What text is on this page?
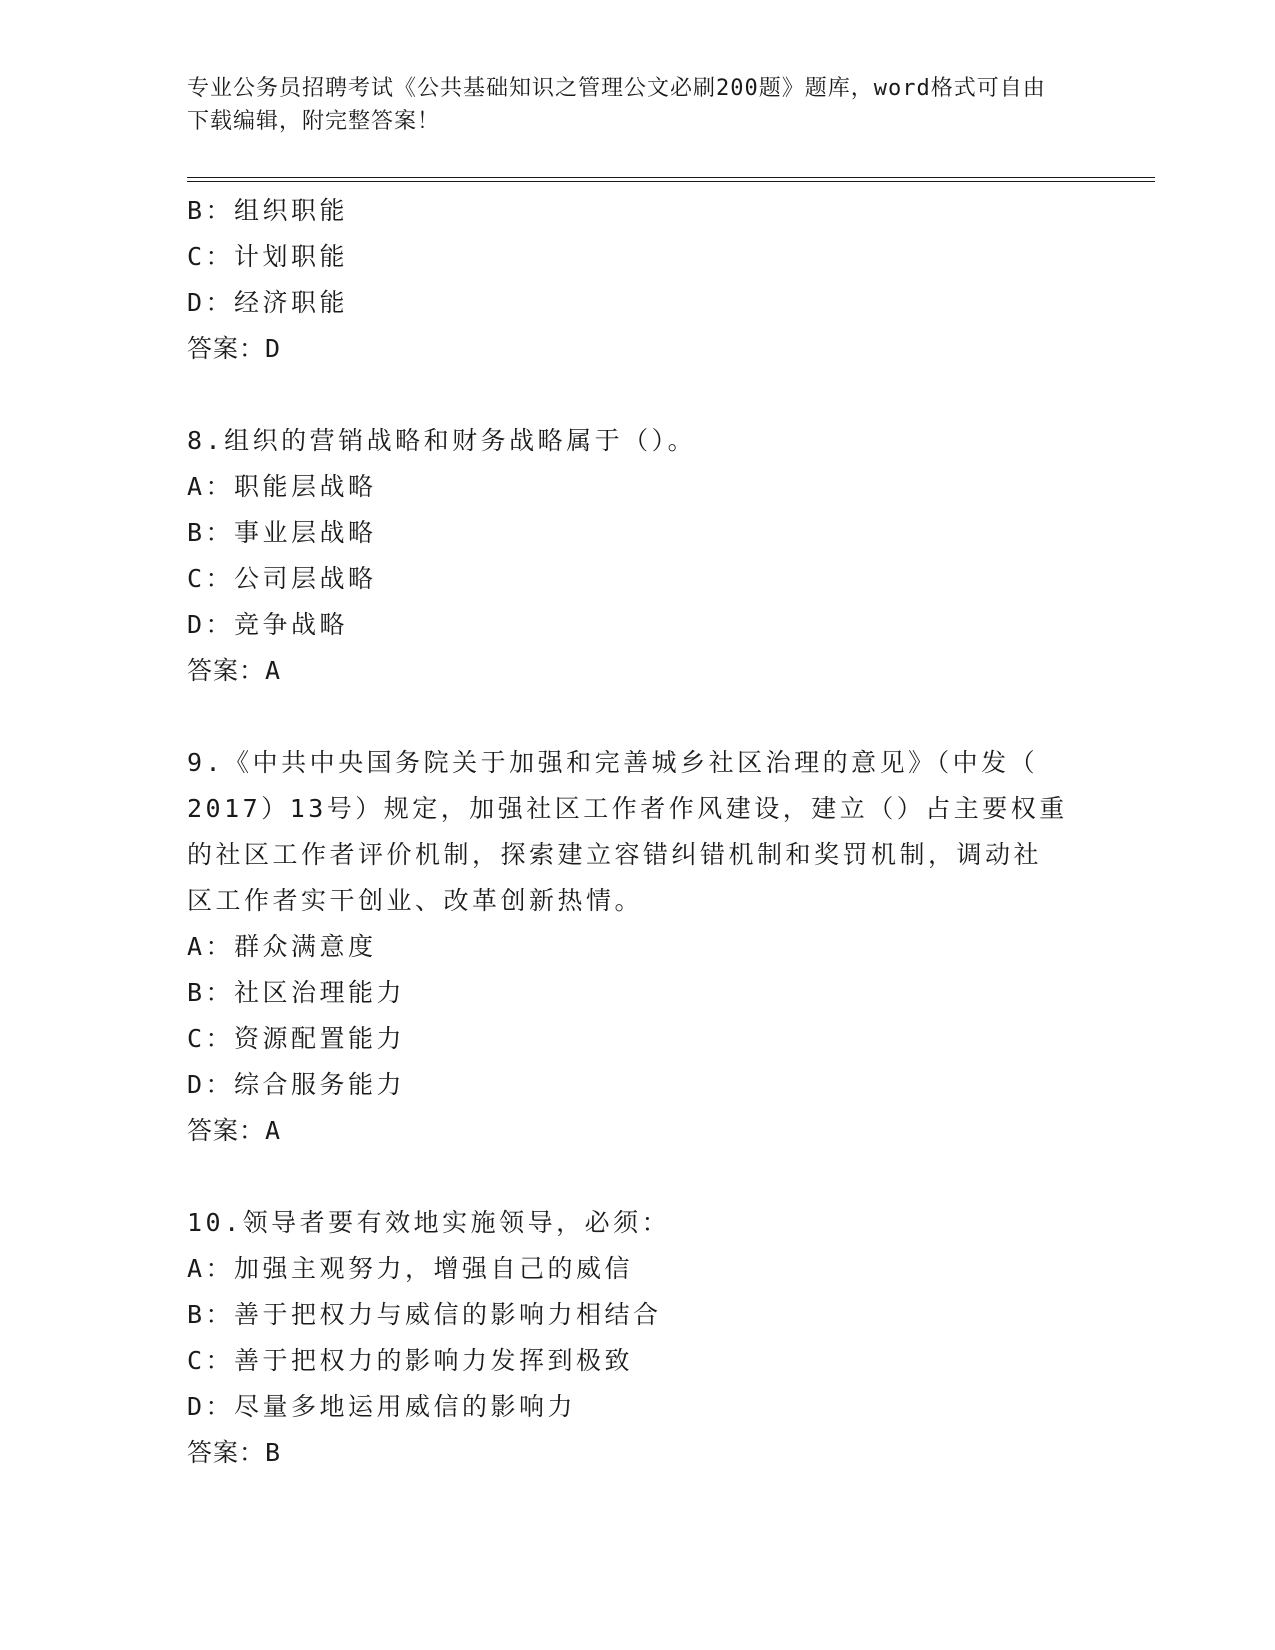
专业公务员招聘考试《公共基础知识之管理公文必刷200题》题库，word格式可自由下载编辑，附完整答案！
B：组织职能
C：计划职能
D：经济职能
答案：D
8.组织的营销战略和财务战略属于（）。
A：职能层战略
B：事业层战略
C：公司层战略
D：竞争战略
答案：A
9.《中共中央国务院关于加强和完善城乡社区治理的意见》（中发（
2017）13号）规定，加强社区工作者作风建设，建立（）占主要权重
的社区工作者评价机制，探索建立容错纠错机制和奖罚机制，调动社
区工作者实干创业、改革创新热情。
A：群众满意度
B：社区治理能力
C：资源配置能力
D：综合服务能力
答案：A
10.领导者要有效地实施领导，必须：
A：加强主观努力，增强自己的威信
B：善于把权力与威信的影响力相结合
C：善于把权力的影响力发挥到极致
D：尽量多地运用威信的影响力
答案：B
